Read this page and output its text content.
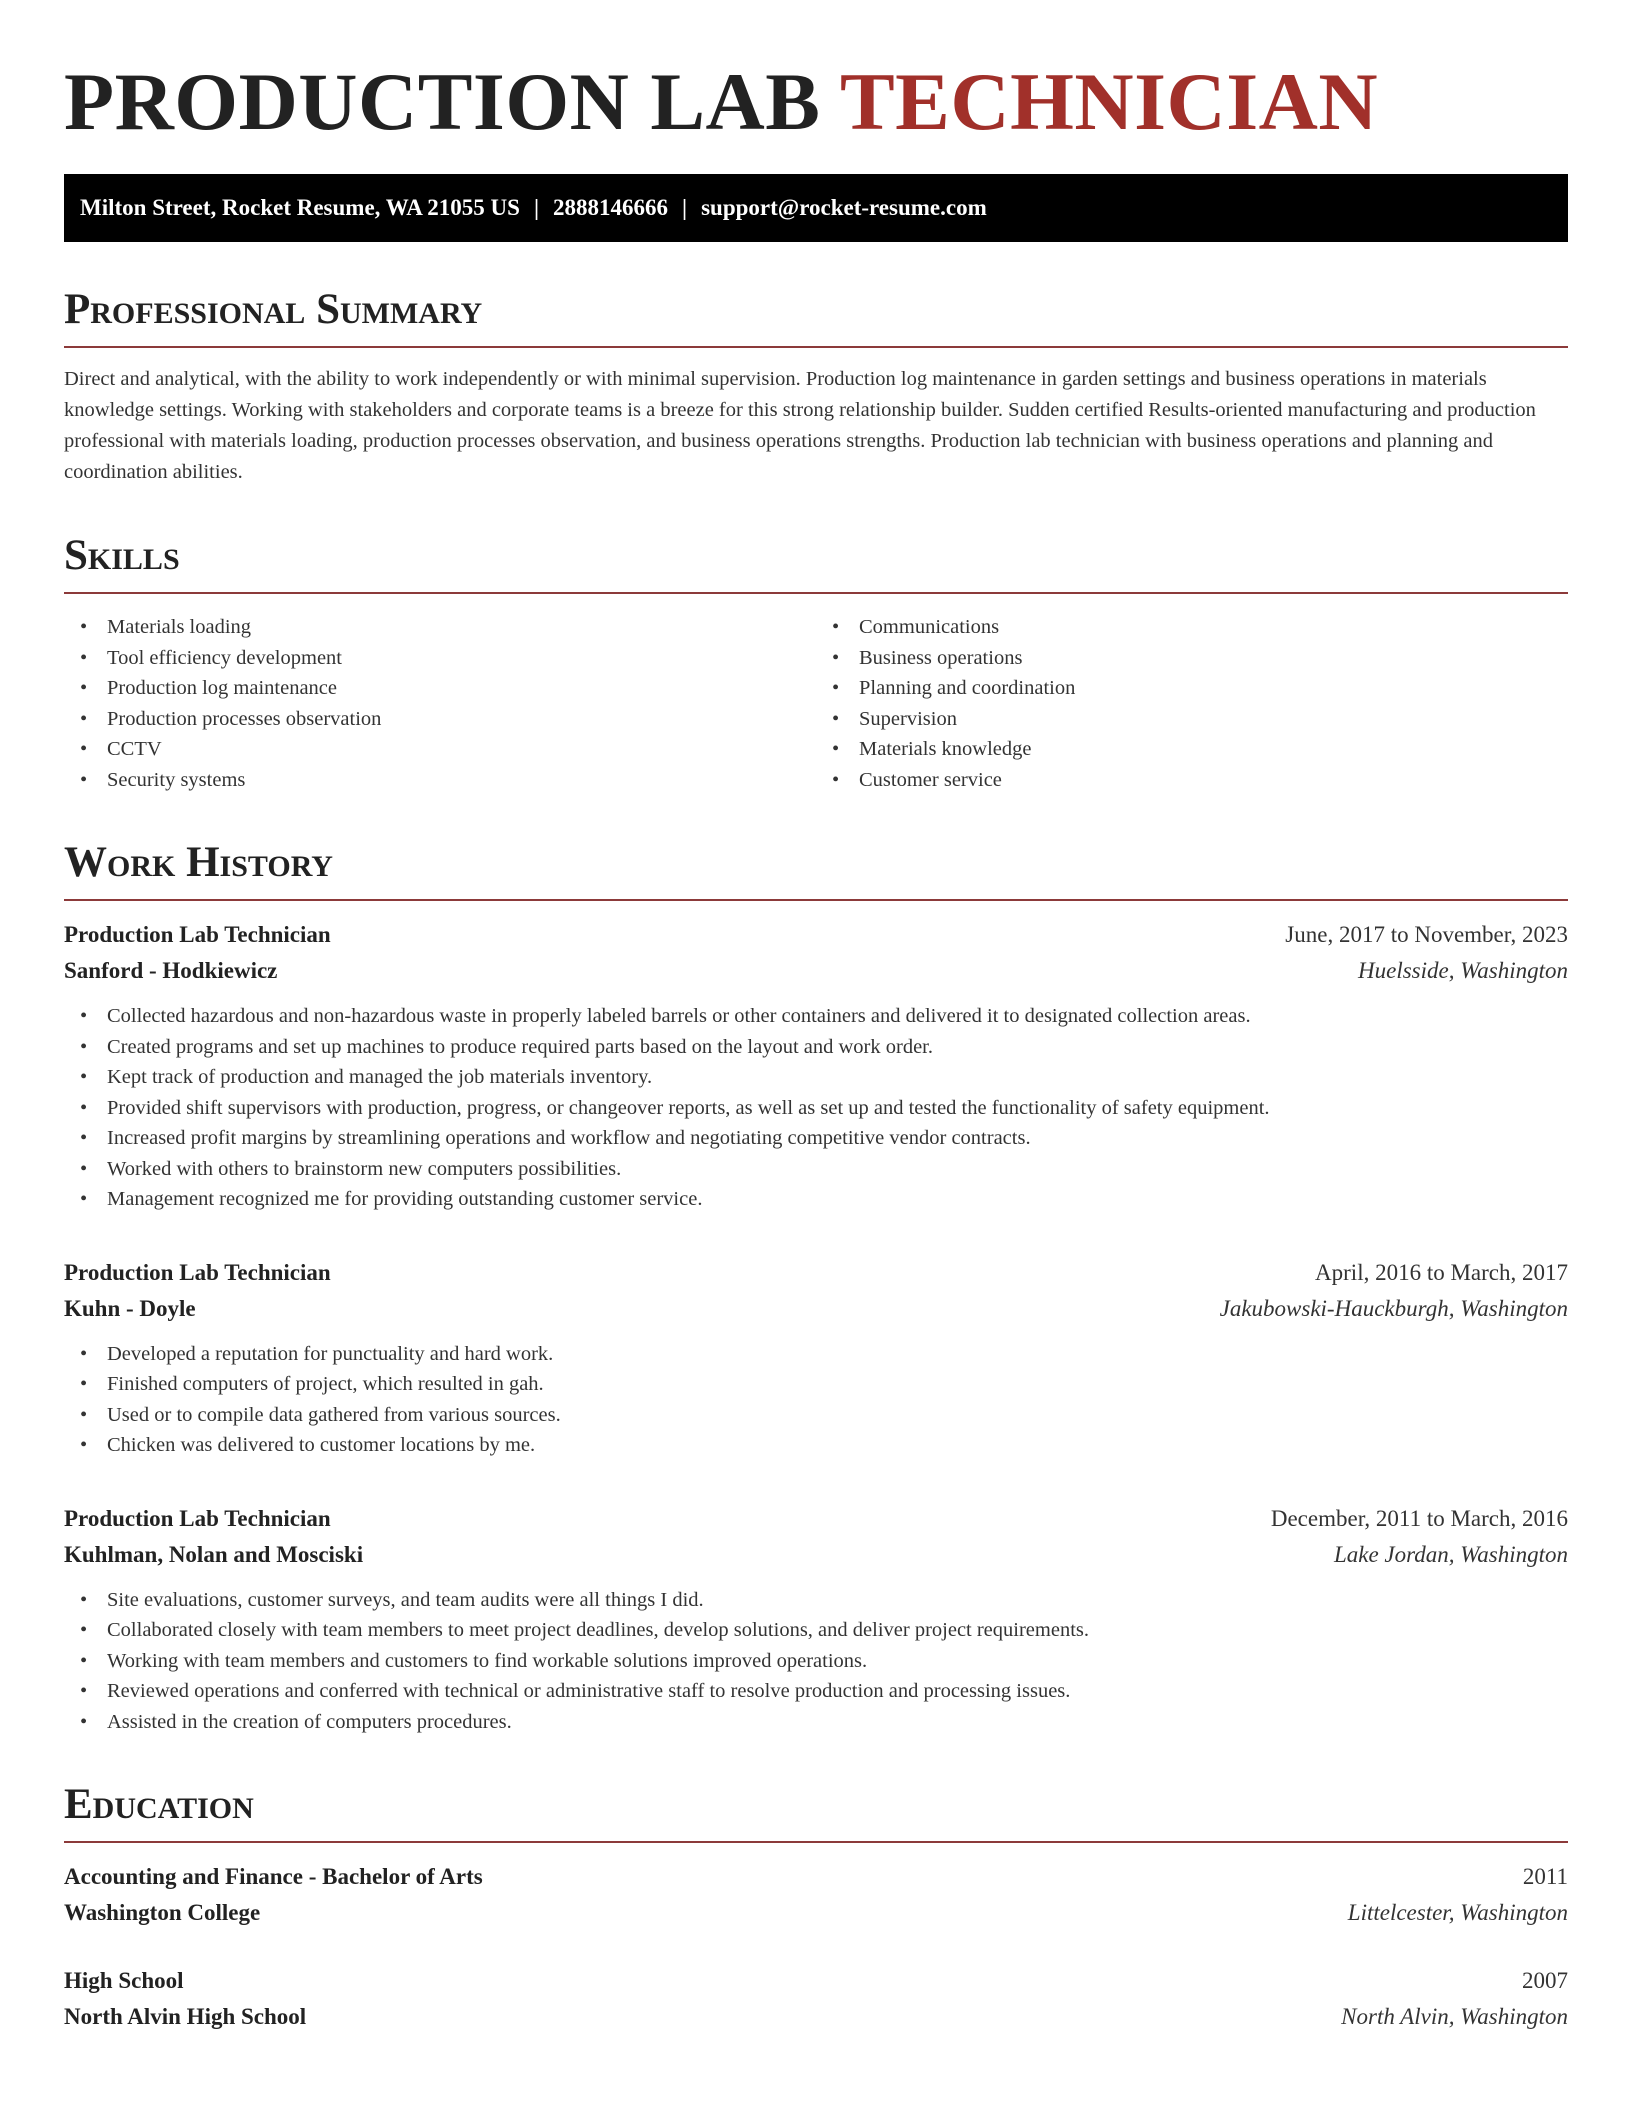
PRODUCTION LAB TECHNICIAN
Milton Street, Rocket Resume, WA 21055 US | 2888146666 | support@rocket-resume.com
Professional Summary

Direct and analytical, with the ability to work independently or with minimal supervision. Production log maintenance in garden settings and business operations in materials knowledge settings. Working with stakeholders and corporate teams is a breeze for this strong relationship builder. Sudden certified Results-oriented manufacturing and production professional with materials loading, production processes observation, and business operations strengths. Production lab technician with business operations and planning and coordination abilities.

Skills
• Materials loading
• Tool efficiency development
• Production log maintenance
• Production processes observation
• CCTV
• Security systems
• Communications
• Business operations
• Planning and coordination
• Supervision
• Materials knowledge
• Customer service
Work History
Production Lab Technician	June, 2017 to November, 2023
Sanford - Hodkiewicz	Huelsside, Washington
• Collected hazardous and non-hazardous waste in properly labeled barrels or other containers and delivered it to designated collection areas.
• Created programs and set up machines to produce required parts based on the layout and work order.
• Kept track of production and managed the job materials inventory.
• Provided shift supervisors with production, progress, or changeover reports, as well as set up and tested the functionality of safety equipment.
• Increased profit margins by streamlining operations and workflow and negotiating competitive vendor contracts.
• Worked with others to brainstorm new computers possibilities.
• Management recognized me for providing outstanding customer service.
Production Lab Technician	April, 2016 to March, 2017
Kuhn - Doyle	Jakubowski-Hauckburgh, Washington
• Developed a reputation for punctuality and hard work.
• Finished computers of project, which resulted in gah.
• Used or to compile data gathered from various sources.
• Chicken was delivered to customer locations by me.
Production Lab Technician	December, 2011 to March, 2016
Kuhlman, Nolan and Mosciski	Lake Jordan, Washington
• Site evaluations, customer surveys, and team audits were all things I did.
• Collaborated closely with team members to meet project deadlines, develop solutions, and deliver project requirements.
• Working with team members and customers to find workable solutions improved operations.
• Reviewed operations and conferred with technical or administrative staff to resolve production and processing issues.
• Assisted in the creation of computers procedures.
Education
Accounting and Finance - Bachelor of Arts	2011
Washington College	Littelcester, Washington
High School	2007
North Alvin High School	North Alvin, Washington
